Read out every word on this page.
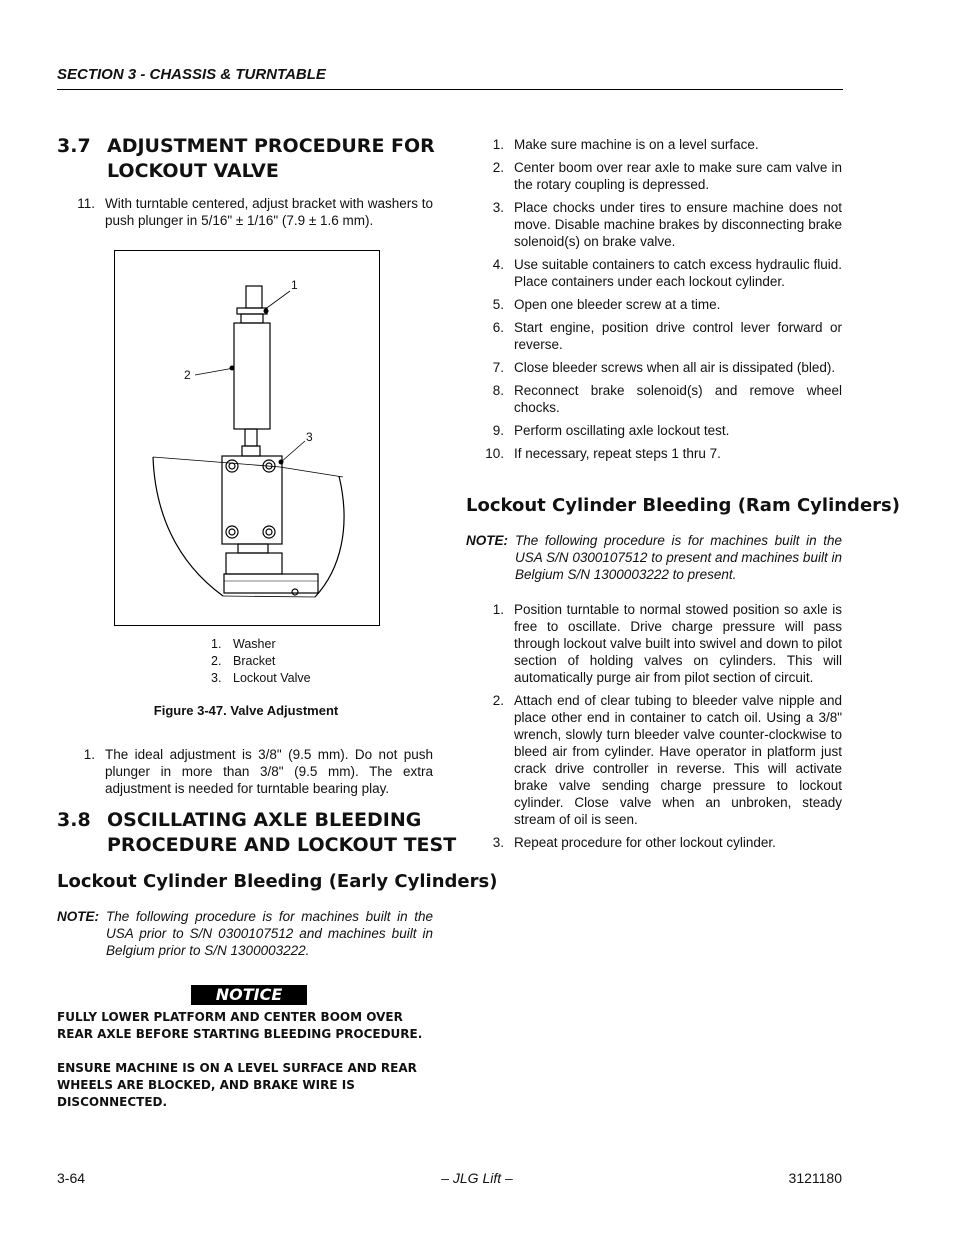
SECTION 3 - CHASSIS & TURNTABLE
3.7 ADJUSTMENT PROCEDURE FOR
LOCKOUT VALVE
11. With turntable centered, adjust bracket with washers to push plunger in 5/16" ± 1/16" (7.9 ± 1.6 mm).
1
2
3
1. Washer
2. Bracket
3. Lockout Valve
Figure 3-47. Valve Adjustment
1. The ideal adjustment is 3/8" (9.5 mm). Do not push plunger in more than 3/8" (9.5 mm). The extra adjustment is needed for turntable bearing play.
3.8 OSCILLATING AXLE BLEEDING
PROCEDURE AND LOCKOUT TEST
Lockout Cylinder Bleeding (Early Cylinders)
NOTE: The following procedure is for machines built in the USA prior to S/N 0300107512 and machines built in Belgium prior to S/N 1300003222.
NOTICE
FULLY LOWER PLATFORM AND CENTER BOOM OVER REAR AXLE BEFORE STARTING BLEEDING PROCEDURE.
ENSURE MACHINE IS ON A LEVEL SURFACE AND REAR WHEELS ARE BLOCKED, AND BRAKE WIRE IS DISCONNECTED.
1. Make sure machine is on a level surface.
2. Center boom over rear axle to make sure cam valve in the rotary coupling is depressed.
3. Place chocks under tires to ensure machine does not move. Disable machine brakes by disconnecting brake solenoid(s) on brake valve.
4. Use suitable containers to catch excess hydraulic fluid. Place containers under each lockout cylinder.
5. Open one bleeder screw at a time.
6. Start engine, position drive control lever forward or reverse.
7. Close bleeder screws when all air is dissipated (bled).
8. Reconnect brake solenoid(s) and remove wheel chocks.
9. Perform oscillating axle lockout test.
10. If necessary, repeat steps 1 thru 7.
Lockout Cylinder Bleeding (Ram Cylinders)
NOTE: The following procedure is for machines built in the USA S/N 0300107512 to present and machines built in Belgium S/N 1300003222 to present.
1. Position turntable to normal stowed position so axle is free to oscillate. Drive charge pressure will pass through lockout valve built into swivel and down to pilot section of holding valves on cylinders. This will automatically purge air from pilot section of circuit.
2. Attach end of clear tubing to bleeder valve nipple and place other end in container to catch oil. Using a 3/8" wrench, slowly turn bleeder valve counter-clockwise to bleed air from cylinder. Have operator in platform just crack drive controller in reverse. This will activate brake valve sending charge pressure to lockout cylinder. Close valve when an unbroken, steady stream of oil is seen.
3. Repeat procedure for other lockout cylinder.
3-64	– JLG Lift –	3121180
